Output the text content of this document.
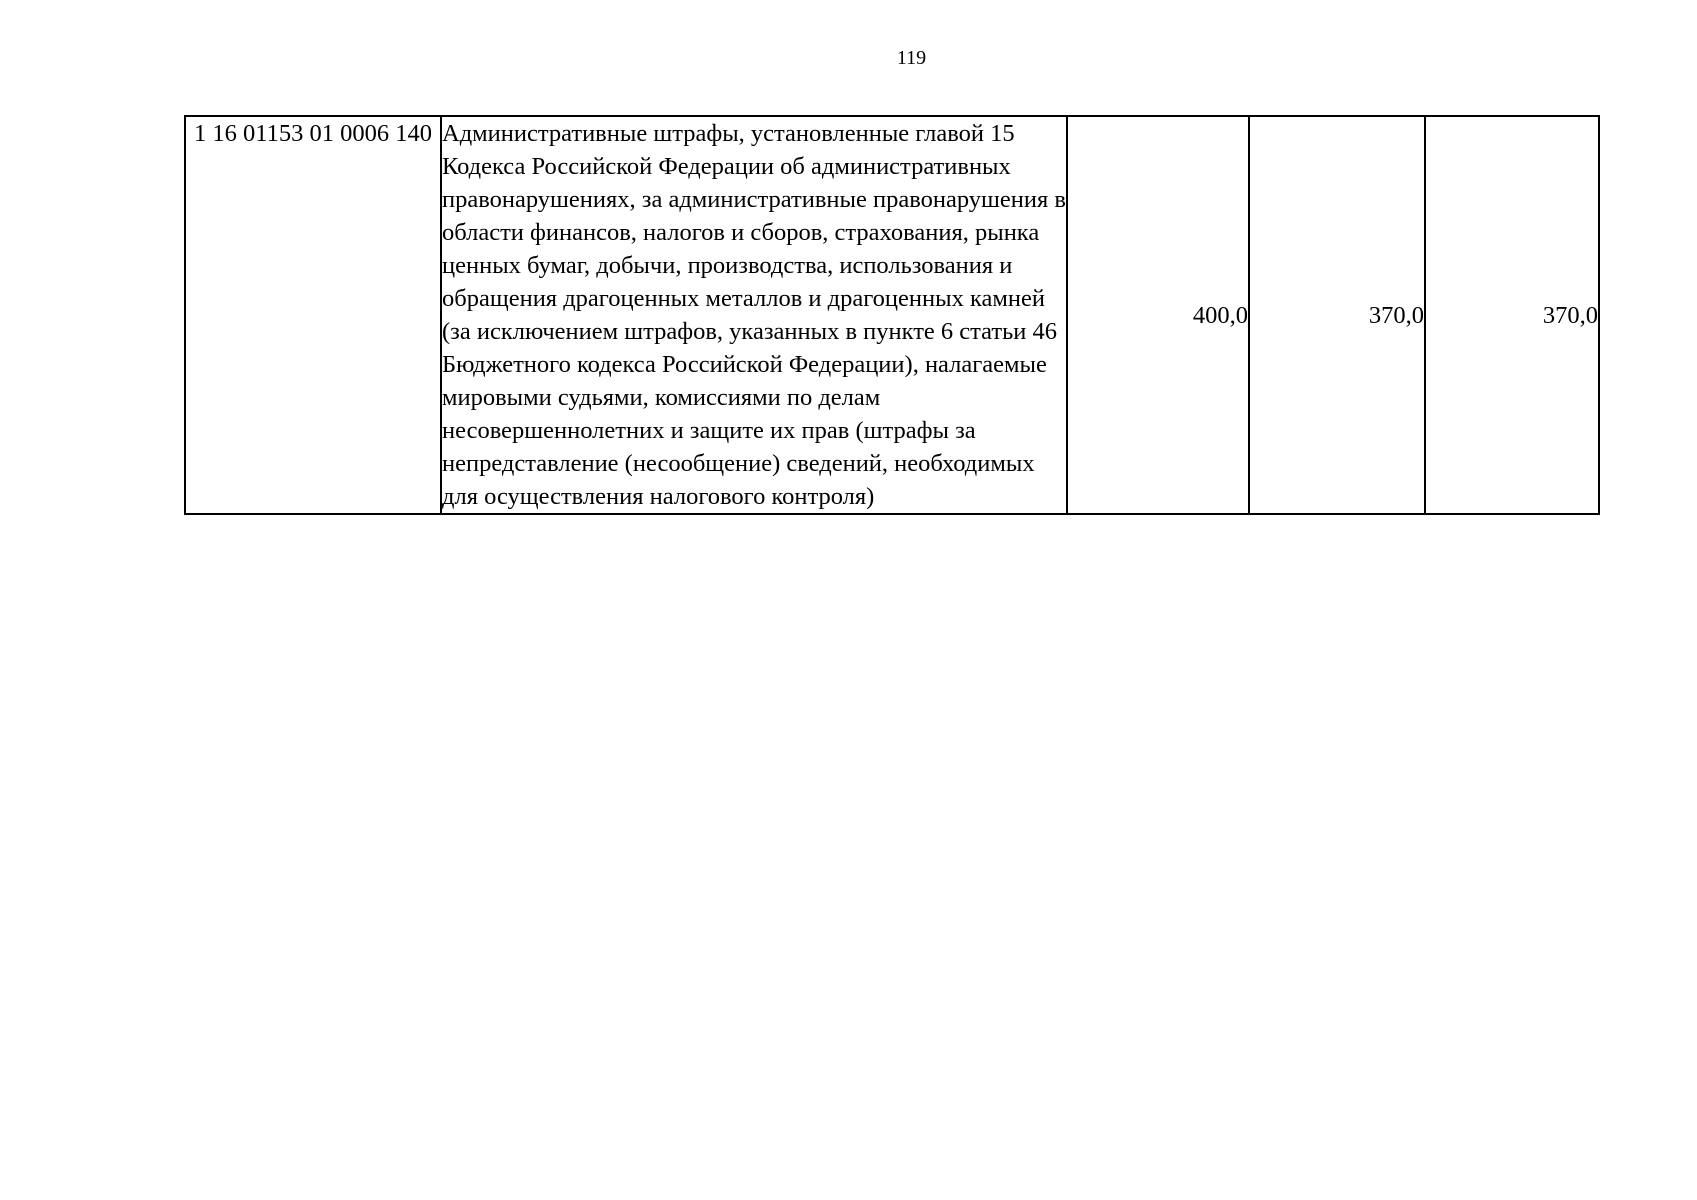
119
1 16 01153 01 0006 140	Административные штрафы, установленные главой 15 Кодекса Российской Федерации об административных правонарушениях, за административные правонарушения в области финансов, налогов и сборов, страхования, рынка ценных бумаг, добычи, производства, использования и обращения драгоценных металлов и драгоценных камней (за исключением штрафов, указанных в пункте 6 статьи 46 Бюджетного кодекса Российской Федерации), налагаемые мировыми судьями, комиссиями по делам несовершеннолетних и защите их прав (штрафы за непредставление (несообщение) сведений, необходимых для осуществления налогового контроля)	400,0	370,0	370,0
